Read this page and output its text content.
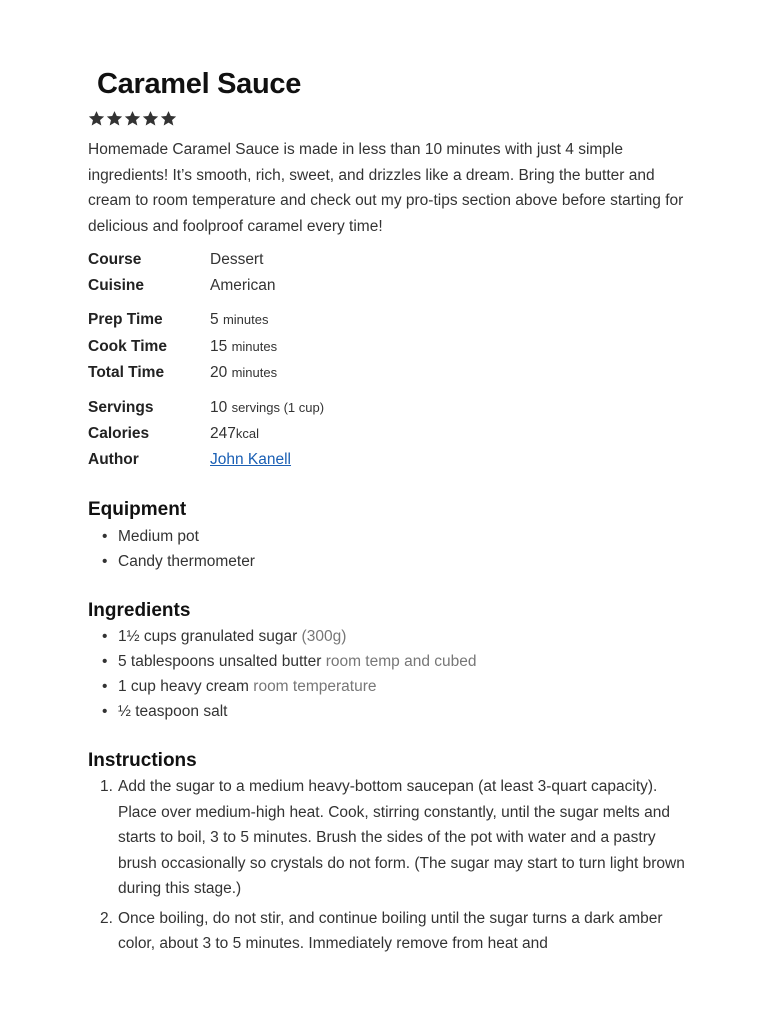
Caramel Sauce
Homemade Caramel Sauce is made in less than 10 minutes with just 4 simple ingredients! It’s smooth, rich, sweet, and drizzles like a dream. Bring the butter and cream to room temperature and check out my pro-tips section above before starting for delicious and foolproof caramel every time!
Course	Dessert
Cuisine	American
Prep Time	5 minutes
Cook Time	15 minutes
Total Time	20 minutes
Servings	10 servings (1 cup)
Calories	247kcal
Author	John Kanell
Equipment
• Medium pot
• Candy thermometer
Ingredients
• 1½ cups granulated sugar (300g)
• 5 tablespoons unsalted butter room temp and cubed
• 1 cup heavy cream room temperature
• ½ teaspoon salt
Instructions
1. Add the sugar to a medium heavy-bottom saucepan (at least 3-quart capacity). Place over medium-high heat. Cook, stirring constantly, until the sugar melts and starts to boil, 3 to 5 minutes. Brush the sides of the pot with water and a pastry brush occasionally so crystals do not form. (The sugar may start to turn light brown during this stage.)
2. Once boiling, do not stir, and continue boiling until the sugar turns a dark amber color, about 3 to 5 minutes. Immediately remove from heat and
